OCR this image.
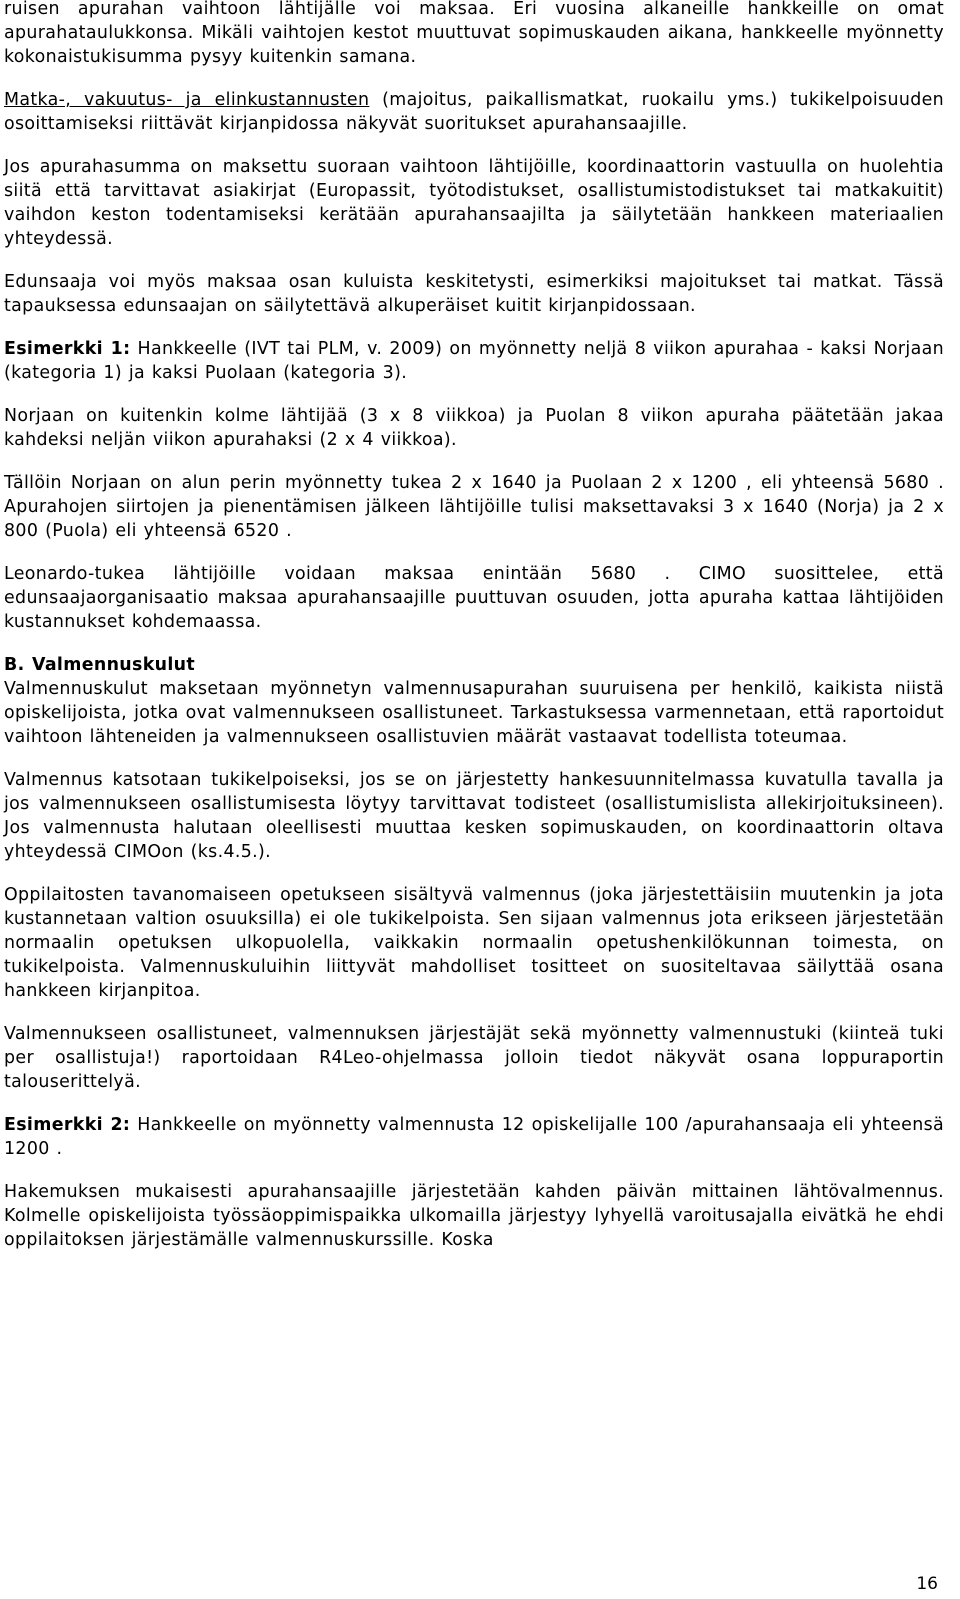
ruisen apurahan vaihtoon lähtijälle voi maksaa. Eri vuosina alkaneille hankkeille on omat apurahataulukkonsa. Mikäli vaihtojen kestot muuttuvat sopimuskauden aikana, hankkeelle myönnetty kokonaistukisumma pysyy kuitenkin samana.

Matka-, vakuutus- ja elinkustannusten (majoitus, paikallismatkat, ruokailu yms.) tukikelpoisuuden osoittamiseksi riittävät kirjanpidossa näkyvät suoritukset apurahansaajille.

Jos apurahasumma on maksettu suoraan vaihtoon lähtijöille, koordinaattorin vastuulla on huolehtia siitä että tarvittavat asiakirjat (Europassit, työtodistukset, osallistumistodistukset tai matkakuitit) vaihdon keston todentamiseksi kerätään apurahansaajilta ja säilytetään hankkeen materiaalien yhteydessä.

Edunsaaja voi myös maksaa osan kuluista keskitetysti, esimerkiksi majoitukset tai matkat. Tässä tapauksessa edunsaajan on säilytettävä alkuperäiset kuitit kirjanpidossaan.

Esimerkki 1: Hankkeelle (IVT tai PLM, v. 2009) on myönnetty neljä 8 viikon apurahaa - kaksi Norjaan (kategoria 1) ja kaksi Puolaan (kategoria 3).

Norjaan on kuitenkin kolme lähtijää (3 x 8 viikkoa) ja Puolan 8 viikon apuraha päätetään jakaa kahdeksi neljän viikon apurahaksi (2 x 4 viikkoa).

Tällöin Norjaan on alun perin myönnetty tukea 2 x 1640 ja Puolaan 2 x 1200 , eli yhteensä 5680 . Apurahojen siirtojen ja pienentämisen jälkeen lähtijöille tulisi maksettavaksi 3 x 1640 (Norja) ja 2 x 800 (Puola) eli yhteensä 6520 .

Leonardo-tukea lähtijöille voidaan maksaa enintään 5680 . CIMO suosittelee, että edunsaajaorganisaatio maksaa apurahansaajille puuttuvan osuuden, jotta apuraha kattaa lähtijöiden kustannukset kohdemaassa.

B. Valmennuskulut

Valmennuskulut maksetaan myönnetyn valmennusapurahan suuruisena per henkilö, kaikista niistä opiskelijoista, jotka ovat valmennukseen osallistuneet. Tarkastuksessa varmennetaan, että raportoidut vaihtoon lähteneiden ja valmennukseen osallistuvien määrät vastaavat todellista toteumaa.

Valmennus katsotaan tukikelpoiseksi, jos se on järjestetty hankesuunnitelmassa kuvatulla tavalla ja jos valmennukseen osallistumisesta löytyy tarvittavat todisteet (osallistumislista allekirjoituksineen). Jos valmennusta halutaan oleellisesti muuttaa kesken sopimuskauden, on koordinaattorin oltava yhteydessä CIMOon (ks.4.5.).

Oppilaitosten tavanomaiseen opetukseen sisältyvä valmennus (joka järjestettäisiin muutenkin ja jota kustannetaan valtion osuuksilla) ei ole tukikelpoista. Sen sijaan valmennus jota erikseen järjestetään normaalin opetuksen ulkopuolella, vaikkakin normaalin opetushenkilökunnan toimesta, on tukikelpoista. Valmennuskuluihin liittyvät mahdolliset tositteet on suositeltavaa säilyttää osana hankkeen kirjanpitoa.

Valmennukseen osallistuneet, valmennuksen järjestäjät sekä myönnetty valmennustuki (kiinteä tuki per osallistuja!) raportoidaan R4Leo-ohjelmassa jolloin tiedot näkyvät osana loppuraportin talouserittelyä.

Esimerkki 2: Hankkeelle on myönnetty valmennusta 12 opiskelijalle 100 /apurahansaaja eli yhteensä 1200 .

Hakemuksen mukaisesti apurahansaajille järjestetään kahden päivän mittainen lähtövalmennus. Kolmelle opiskelijoista työssäoppimispaikka ulkomailla järjestyy lyhyellä varoitusajalla eivätkä he ehdi oppilaitoksen järjestämälle valmennuskurssille. Koska

16
